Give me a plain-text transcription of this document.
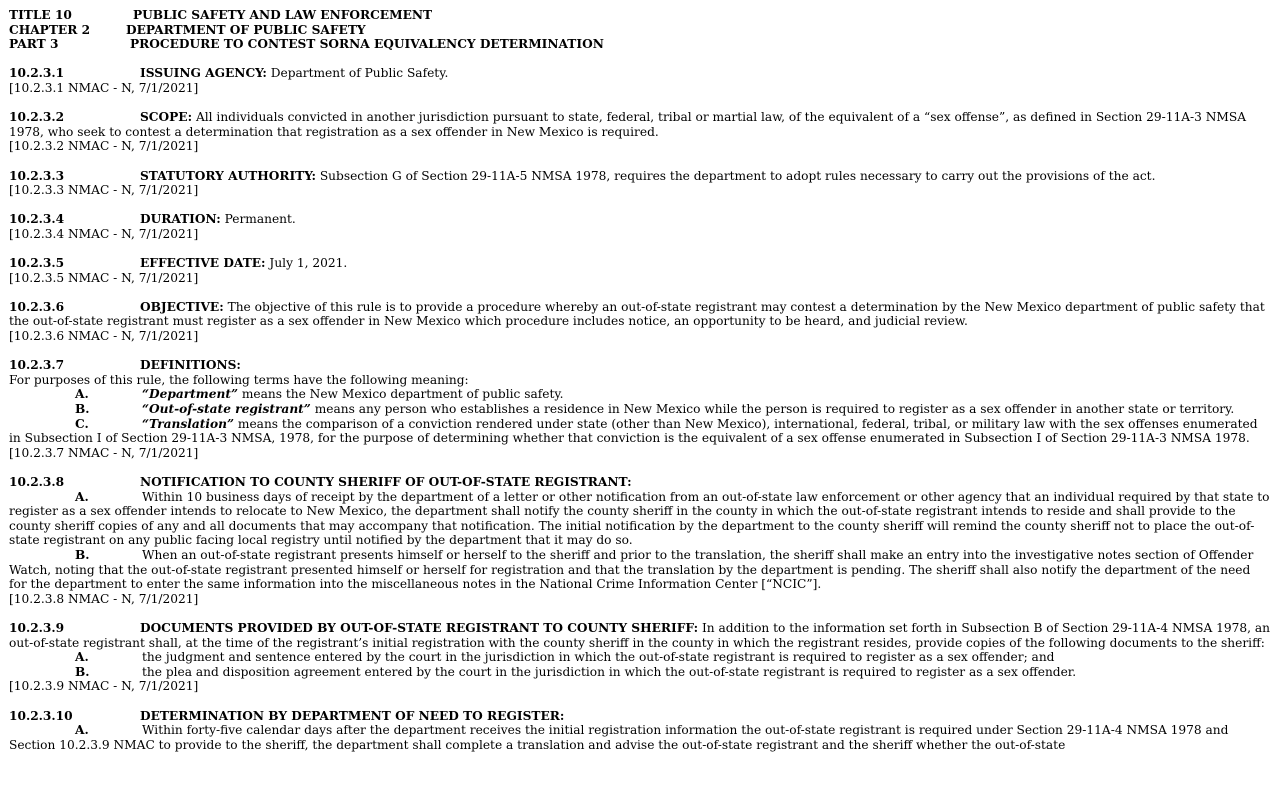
TITLE 10	PUBLIC SAFETY AND LAW ENFORCEMENT
CHAPTER 2	DEPARTMENT OF PUBLIC SAFETY
PART 3	PROCEDURE TO CONTEST SORNA EQUIVALENCY DETERMINATION

10.2.3.1	ISSUING AGENCY: Department of Public Safety.

[10.2.3.1 NMAC - N, 7/1/2021]

10.2.3.2	SCOPE: All individuals convicted in another jurisdiction pursuant to state, federal, tribal or martial law, of the equivalent of a “sex offense”, as defined in Section 29-11A-3 NMSA 1978, who seek to contest a determination that registration as a sex offender in New Mexico is required.

[10.2.3.2 NMAC - N, 7/1/2021]

10.2.3.3	STATUTORY AUTHORITY: Subsection G of Section 29-11A-5 NMSA 1978, requires the department to adopt rules necessary to carry out the provisions of the act.

[10.2.3.3 NMAC - N, 7/1/2021]

10.2.3.4	DURATION: Permanent.

[10.2.3.4 NMAC - N, 7/1/2021]

10.2.3.5	EFFECTIVE DATE: July 1, 2021.

[10.2.3.5 NMAC - N, 7/1/2021]

10.2.3.6	OBJECTIVE: The objective of this rule is to provide a procedure whereby an out-of-state registrant may contest a determination by the New Mexico department of public safety that the out-of-state registrant must register as a sex offender in New Mexico which procedure includes notice, an opportunity to be heard, and judicial review.

[10.2.3.6 NMAC - N, 7/1/2021]

10.2.3.7	DEFINITIONS:

For purposes of this rule, the following terms have the following meaning:

A.	“Department” means the New Mexico department of public safety.

B.	“Out-of-state registrant” means any person who establishes a residence in New Mexico while the person is required to register as a sex offender in another state or territory.

C.	“Translation” means the comparison of a conviction rendered under state (other than New Mexico), international, federal, tribal, or military law with the sex offenses enumerated in Subsection I of Section 29-11A-3 NMSA, 1978, for the purpose of determining whether that conviction is the equivalent of a sex offense enumerated in Subsection I of Section 29-11A-3 NMSA 1978.

[10.2.3.7 NMAC - N, 7/1/2021]

10.2.3.8	NOTIFICATION TO COUNTY SHERIFF OF OUT-OF-STATE REGISTRANT:

A.	Within 10 business days of receipt by the department of a letter or other notification from an out-of-state law enforcement or other agency that an individual required by that state to register as a sex offender intends to relocate to New Mexico, the department shall notify the county sheriff in the county in which the out-of-state registrant intends to reside and shall provide to the county sheriff copies of any and all documents that may accompany that notification. The initial notification by the department to the county sheriff will remind the county sheriff not to place the out-of-state registrant on any public facing local registry until notified by the department that it may do so.

B.	When an out-of-state registrant presents himself or herself to the sheriff and prior to the translation, the sheriff shall make an entry into the investigative notes section of Offender Watch, noting that the out-of-state registrant presented himself or herself for registration and that the translation by the department is pending. The sheriff shall also notify the department of the need for the department to enter the same information into the miscellaneous notes in the National Crime Information Center [“NCIC”].

[10.2.3.8 NMAC - N, 7/1/2021]

10.2.3.9	DOCUMENTS PROVIDED BY OUT-OF-STATE REGISTRANT TO COUNTY SHERIFF: In addition to the information set forth in Subsection B of Section 29-11A-4 NMSA 1978, an out-of-state registrant shall, at the time of the registrant’s initial registration with the county sheriff in the county in which the registrant resides, provide copies of the following documents to the sheriff:

A.	the judgment and sentence entered by the court in the jurisdiction in which the out-of-state registrant is required to register as a sex offender; and

B.	the plea and disposition agreement entered by the court in the jurisdiction in which the out-of-state registrant is required to register as a sex offender.

[10.2.3.9 NMAC - N, 7/1/2021]

10.2.3.10	DETERMINATION BY DEPARTMENT OF NEED TO REGISTER:

A.	Within forty-five calendar days after the department receives the initial registration information the out-of-state registrant is required under Section 29-11A-4 NMSA 1978 and Section 10.2.3.9 NMAC to provide to the sheriff, the department shall complete a translation and advise the out-of-state registrant and the sheriff whether the out-of-state
